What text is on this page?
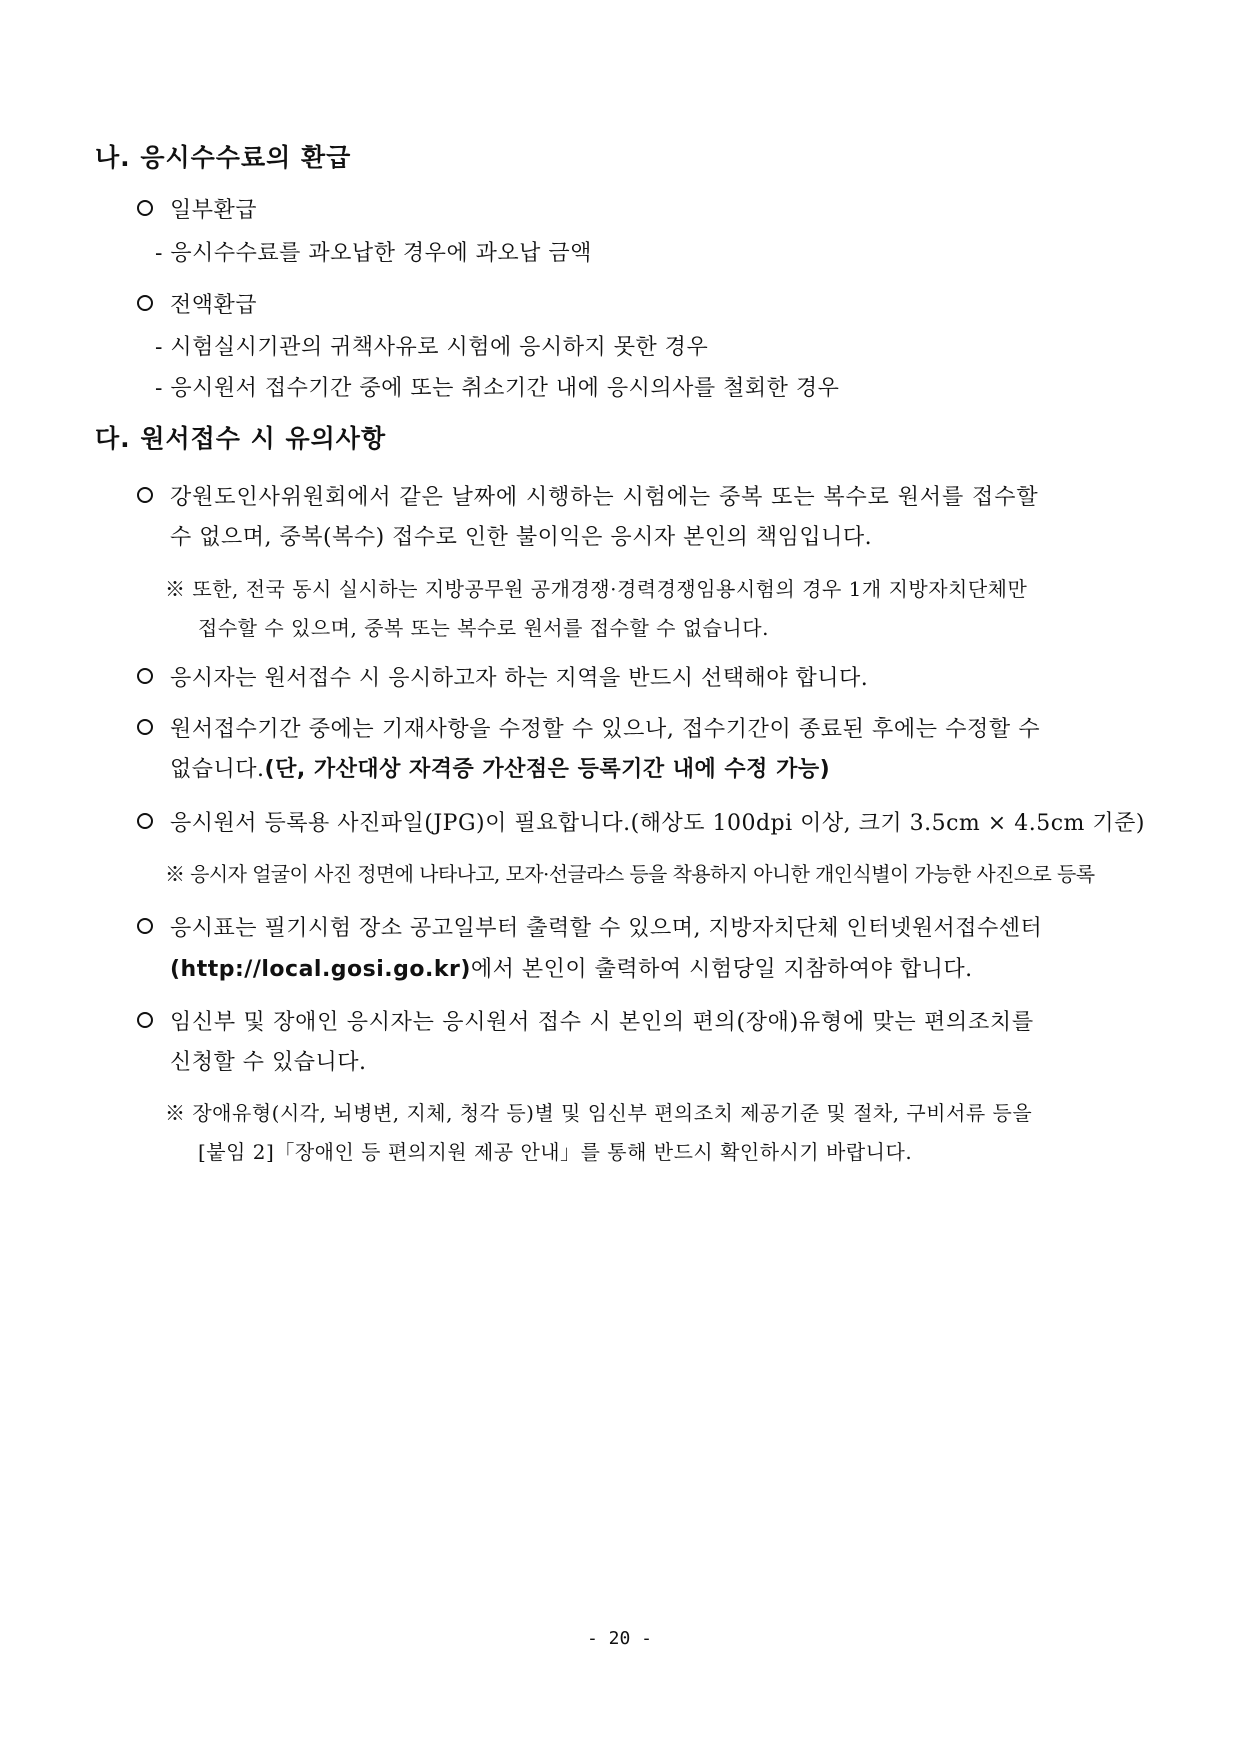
나. 응시수수료의 환급
일부환급
- 응시수수료를 과오납한 경우에 과오납 금액
전액환급
- 시험실시기관의 귀책사유로 시험에 응시하지 못한 경우
- 응시원서 접수기간 중에 또는 취소기간 내에 응시의사를 철회한 경우
다. 원서접수 시 유의사항
강원도인사위원회에서 같은 날짜에 시행하는 시험에는 중복 또는 복수로 원서를 접수할
수 없으며, 중복(복수) 접수로 인한 불이익은 응시자 본인의 책임입니다.
※ 또한, 전국 동시 실시하는 지방공무원 공개경쟁·경력경쟁임용시험의 경우 1개 지방자치단체만
접수할 수 있으며, 중복 또는 복수로 원서를 접수할 수 없습니다.
응시자는 원서접수 시 응시하고자 하는 지역을 반드시 선택해야 합니다.
원서접수기간 중에는 기재사항을 수정할 수 있으나, 접수기간이 종료된 후에는 수정할 수
없습니다.(단, 가산대상 자격증 가산점은 등록기간 내에 수정 가능)
응시원서 등록용 사진파일(JPG)이 필요합니다.(해상도 100dpi 이상, 크기 3.5cm × 4.5cm 기준)
※ 응시자 얼굴이 사진 정면에 나타나고, 모자·선글라스 등을 착용하지 아니한 개인식별이 가능한 사진으로 등록
응시표는 필기시험 장소 공고일부터 출력할 수 있으며, 지방자치단체 인터넷원서접수센터
(http://local.gosi.go.kr)에서 본인이 출력하여 시험당일 지참하여야 합니다.
임신부 및 장애인 응시자는 응시원서 접수 시 본인의 편의(장애)유형에 맞는 편의조치를
신청할 수 있습니다.
※ 장애유형(시각, 뇌병변, 지체, 청각 등)별 및 임신부 편의조치 제공기준 및 절차, 구비서류 등을
[붙임 2]「장애인 등 편의지원 제공 안내」를 통해 반드시 확인하시기 바랍니다.
- 20 -
